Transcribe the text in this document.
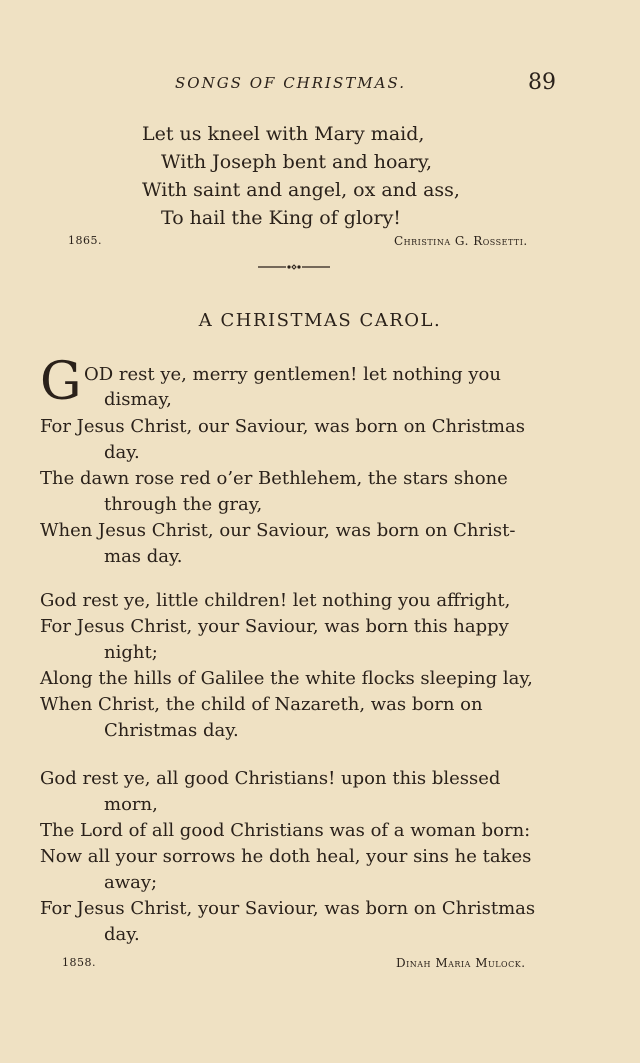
SONGS OF CHRISTMAS.	89
Let us kneel with Mary maid,
With Joseph bent and hoary,
With saint and angel, ox and ass,
To hail the King of glory!
1865.	Christina G. Rossetti.
A CHRISTMAS CAROL.
G OD rest ye, merry gentlemen! let nothing you
dismay,
For Jesus Christ, our Saviour, was born on Christmas
day.
The dawn rose red o’er Bethlehem, the stars shone
through the gray,
When Jesus Christ, our Saviour, was born on Christ-
mas day.
God rest ye, little children! let nothing you affright,
For Jesus Christ, your Saviour, was born this happy
night;
Along the hills of Galilee the white flocks sleeping lay,
When Christ, the child of Nazareth, was born on
Christmas day.
God rest ye, all good Christians! upon this blessed
morn,
The Lord of all good Christians was of a woman born:
Now all your sorrows he doth heal, your sins he takes
away;
For Jesus Christ, your Saviour, was born on Christmas
day.
1858.	Dinah Maria Mulock.
